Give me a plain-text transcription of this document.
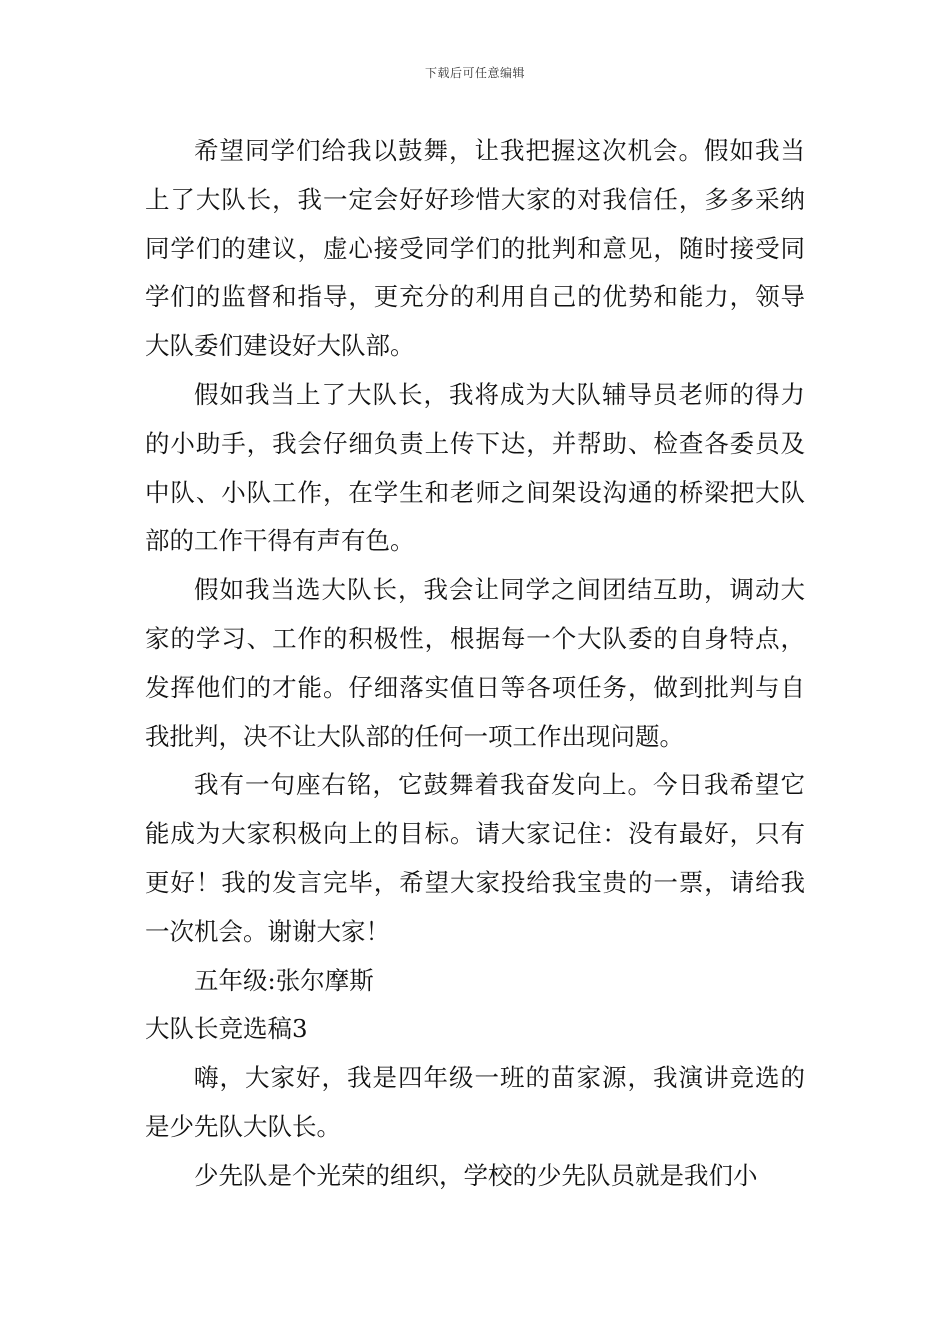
下载后可任意编辑

希望同学们给我以鼓舞，让我把握这次机会。假如我当上了大队长，我一定会好好珍惜大家的对我信任，多多采纳同学们的建议，虚心接受同学们的批判和意见，随时接受同学们的监督和指导，更充分的利用自己的优势和能力，领导大队委们建设好大队部。

假如我当上了大队长，我将成为大队辅导员老师的得力的小助手，我会仔细负责上传下达，并帮助、检查各委员及中队、小队工作，在学生和老师之间架设沟通的桥梁把大队部的工作干得有声有色。

假如我当选大队长，我会让同学之间团结互助，调动大家的学习、工作的积极性，根据每一个大队委的自身特点，发挥他们的才能。仔细落实值日等各项任务，做到批判与自我批判，决不让大队部的任何一项工作出现问题。

我有一句座右铭，它鼓舞着我奋发向上。今日我希望它能成为大家积极向上的目标。请大家记住：没有最好，只有更好！我的发言完毕，希望大家投给我宝贵的一票，请给我一次机会。谢谢大家！

五年级:张尔摩斯

大队长竞选稿3

嗨，大家好，我是四年级一班的苗家源，我演讲竞选的是少先队大队长。

少先队是个光荣的组织，学校的少先队员就是我们小
